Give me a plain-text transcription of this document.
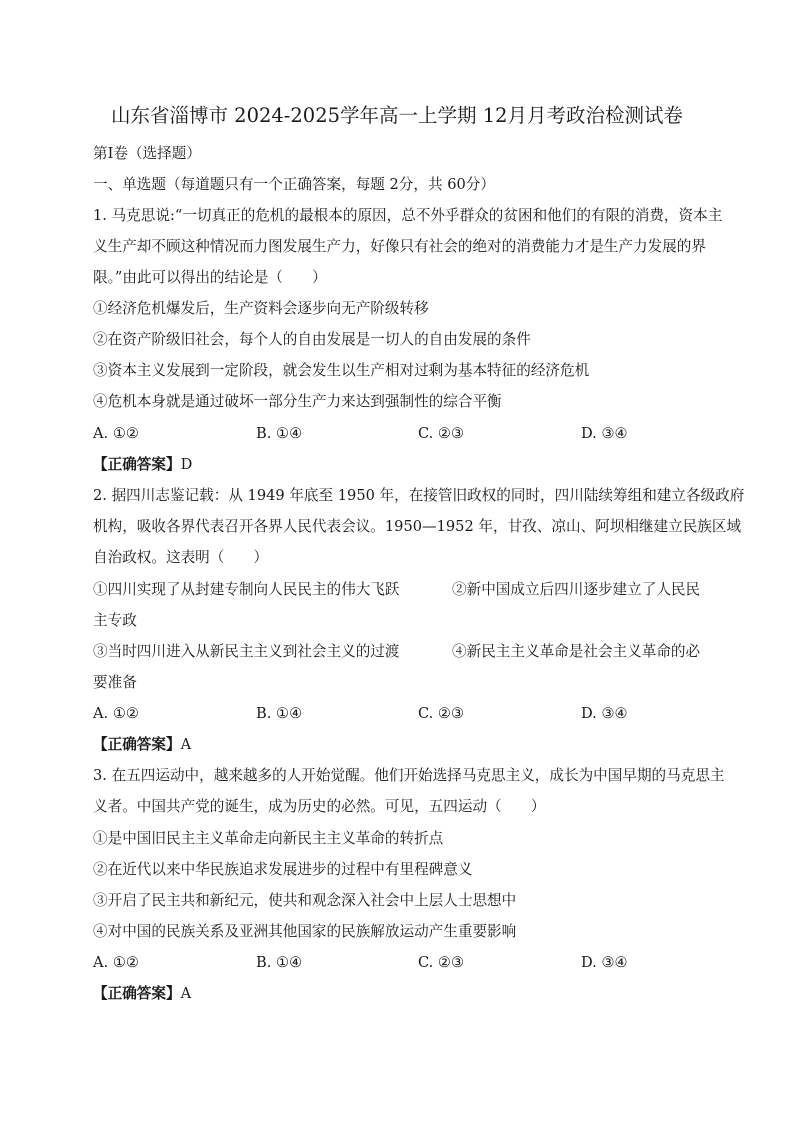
山东省淄博市 2024-2025学年高一上学期 12月月考政治检测试卷
第Ⅰ卷（选择题）
一、单选题（每道题只有一个正确答案，每题 2分，共 60分）
1. 马克思说:“一切真正的危机的最根本的原因，总不外乎群众的贫困和他们的有限的消费，资本主
义生产却不顾这种情况而力图发展生产力，好像只有社会的绝对的消费能力才是生产力发展的界
限。”由此可以得出的结论是（　　）
①经济危机爆发后，生产资料会逐步向无产阶级转移
②在资产阶级旧社会，每个人的自由发展是一切人的自由发展的条件
③资本主义发展到一定阶段，就会发生以生产相对过剩为基本特征的经济危机
④危机本身就是通过破坏一部分生产力来达到强制性的综合平衡
A. ①②	B. ①④	C. ②③	D. ③④
【正确答案】D
2. 据四川志鉴记载：从 1949 年底至 1950 年，在接管旧政权的同时，四川陆续筹组和建立各级政府
机构，吸收各界代表召开各界人民代表会议。1950—1952 年，甘孜、凉山、阿坝相继建立民族区域
自治政权。这表明（　　）
①四川实现了从封建专制向人民民主的伟大飞跃	②新中国成立后四川逐步建立了人民民
主专政
③当时四川进入从新民主主义到社会主义的过渡	④新民主主义革命是社会主义革命的必
要准备
A. ①②	B. ①④	C. ②③	D. ③④
【正确答案】A
3. 在五四运动中，越来越多的人开始觉醒。他们开始选择马克思主义，成长为中国早期的马克思主
义者。中国共产党的诞生，成为历史的必然。可见，五四运动（　　）
①是中国旧民主主义革命走向新民主主义革命的转折点
②在近代以来中华民族追求发展进步的过程中有里程碑意义
③开启了民主共和新纪元，使共和观念深入社会中上层人士思想中
④对中国的民族关系及亚洲其他国家的民族解放运动产生重要影响
A. ①②	B. ①④	C. ②③	D. ③④
【正确答案】A
